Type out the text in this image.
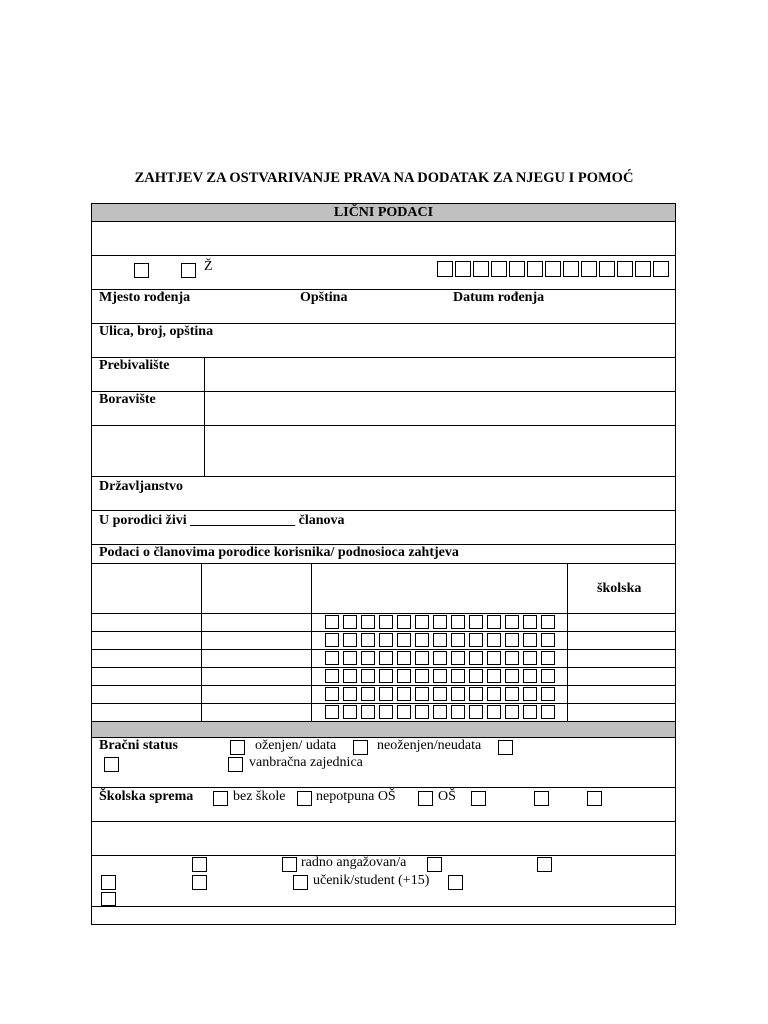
ZAHTJEV ZA OSTVARIVANJE PRAVA NA DODATAK ZA NJEGU I POMOĆ
LIČNI PODACI
Ž
Mjesto rođenja	Opština	Datum rođenja
Ulica, broj, opština
Prebivalište
Boravište
Državljanstvo
U porodici živi _______________ članova
Podaci o članovima porodice korisnika/ podnosioca zahtjeva
školska
Bračni status	oženjen/ udata	neoženjen/neudata
vanbračna zajednica
Školska sprema	bez škole nepotpuna OŠ	OŠ
radno angažovan/a
učenik/student (+15)
